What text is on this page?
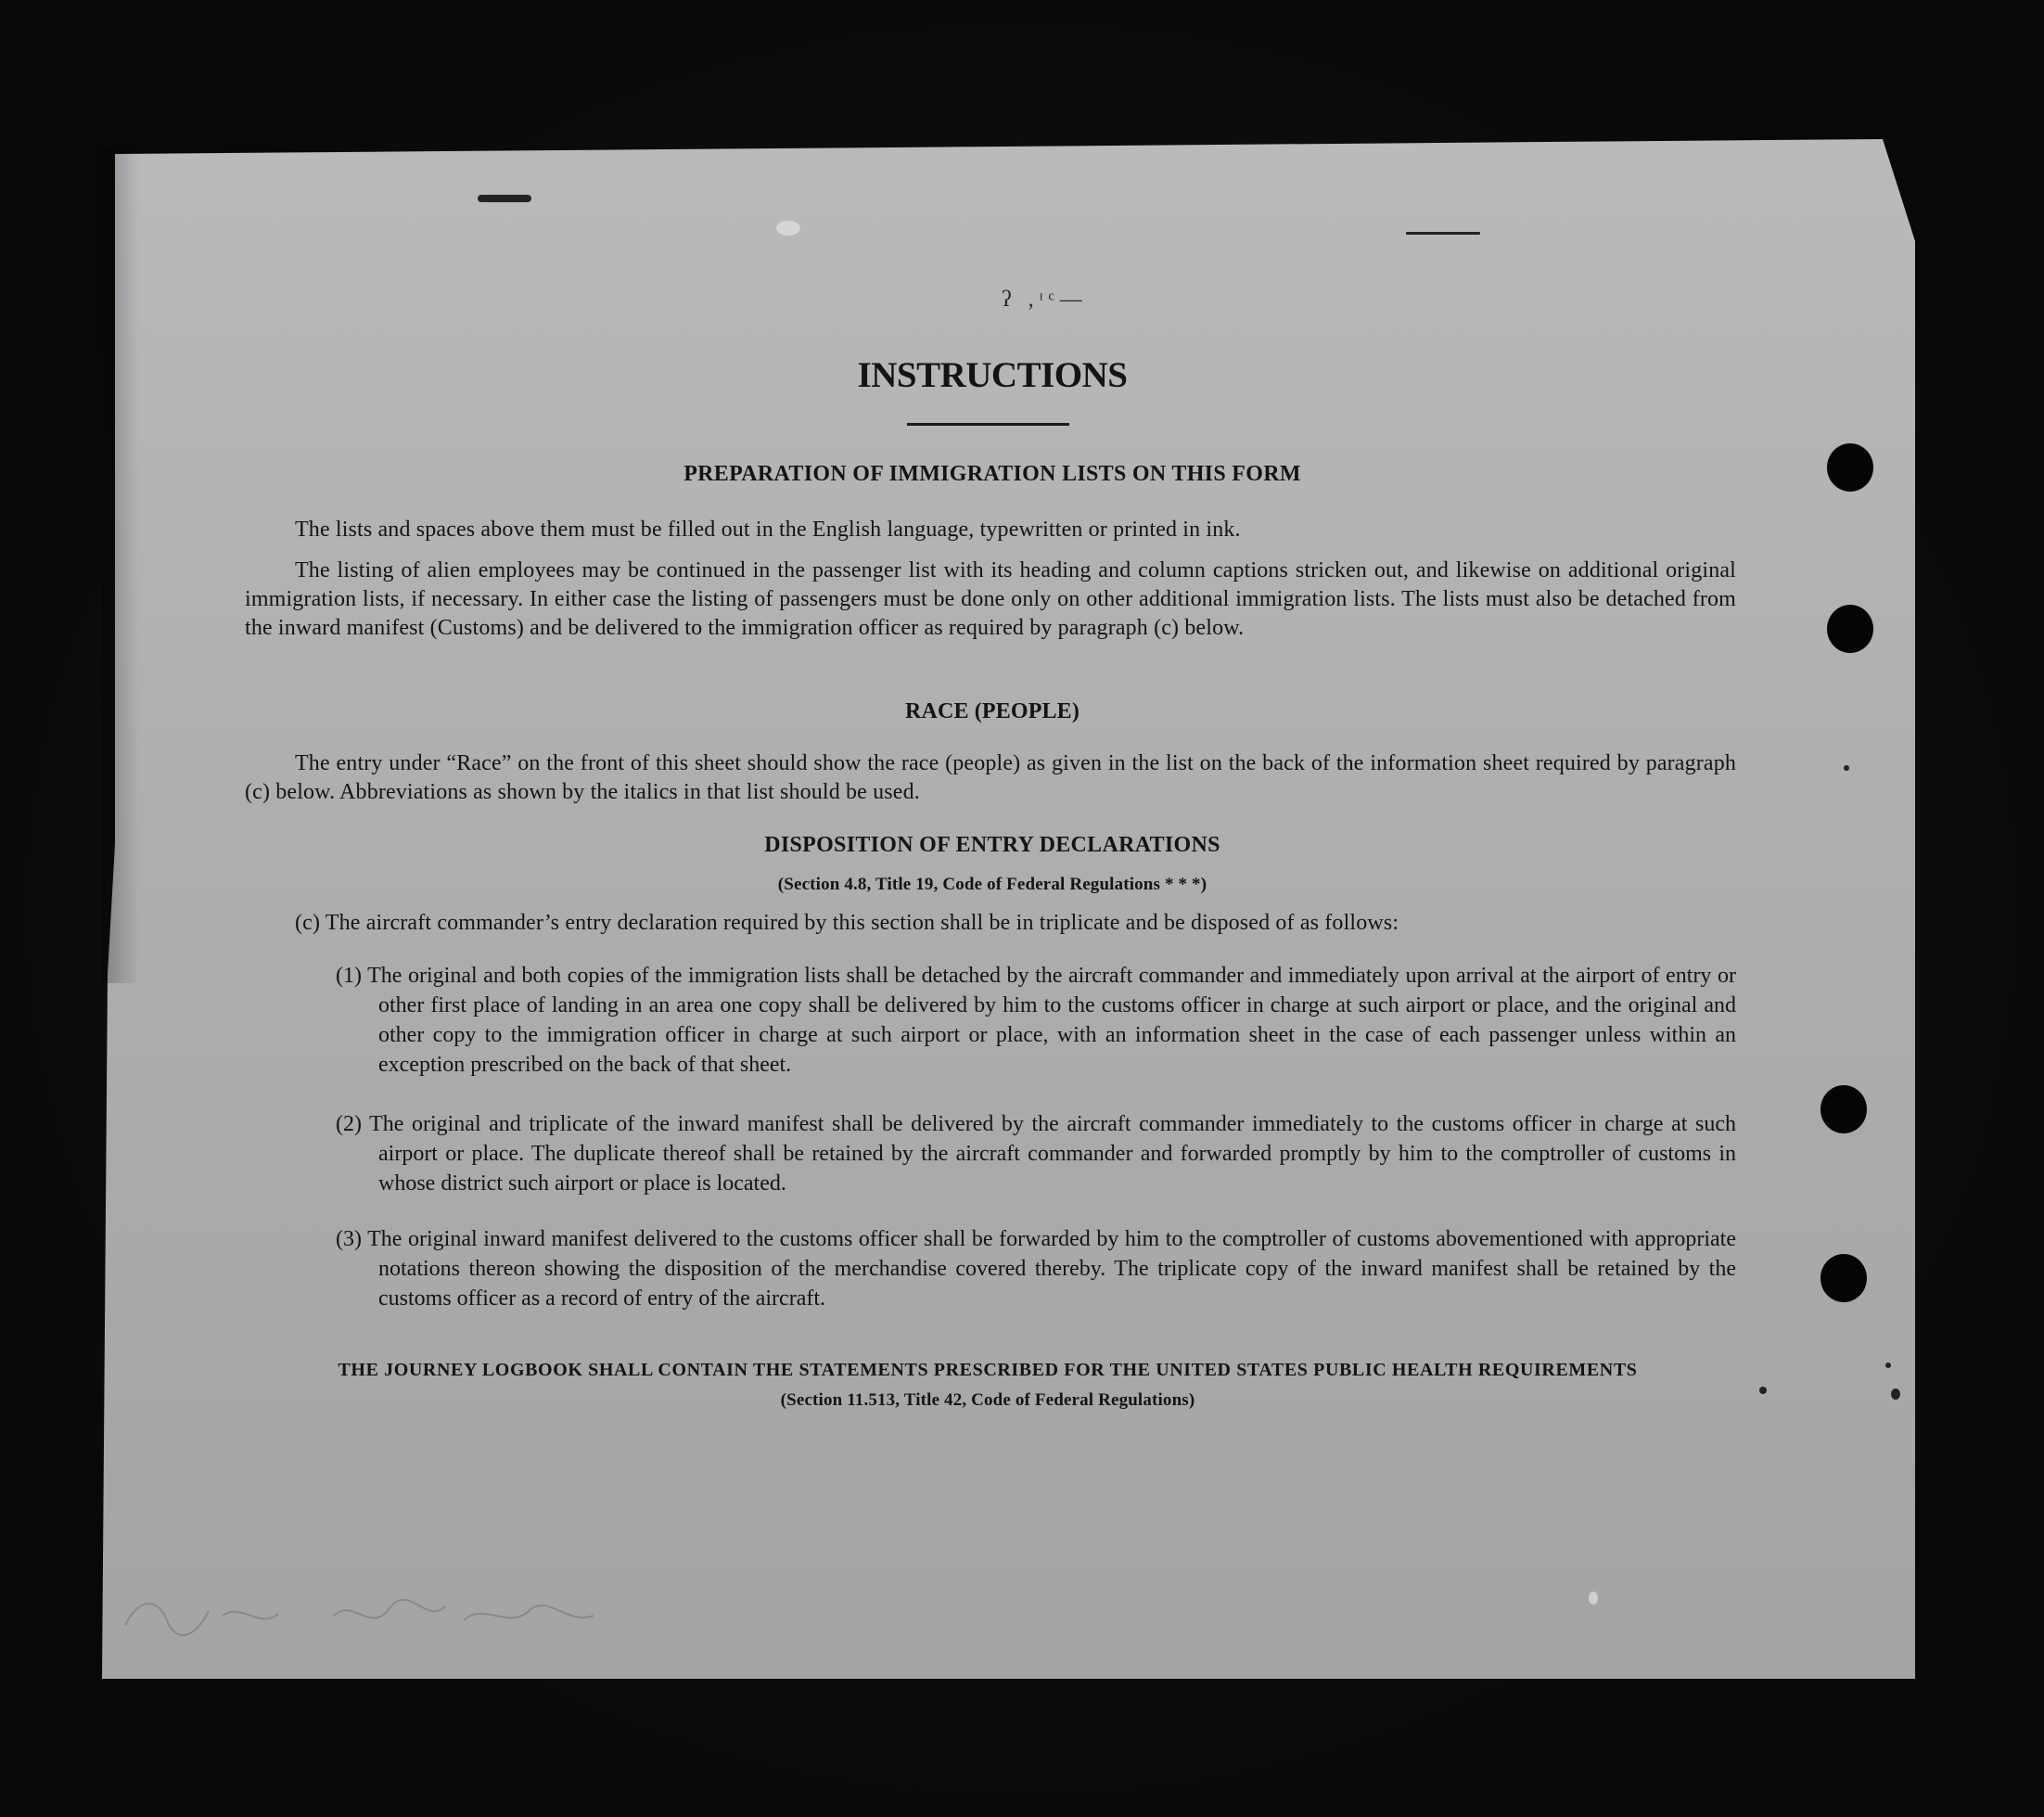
ʔ ,ᶦᶜ—
INSTRUCTIONS
PREPARATION OF IMMIGRATION LISTS ON THIS FORM
The lists and spaces above them must be filled out in the English language, typewritten or printed in ink.
The listing of alien employees may be continued in the passenger list with its heading and column captions stricken out, and likewise on additional original immigration lists, if necessary. In either case the listing of passengers must be done only on other additional immigration lists. The lists must also be detached from the inward manifest (Customs) and be delivered to the immigration officer as required by paragraph (c) below.
RACE (PEOPLE)
The entry under “Race” on the front of this sheet should show the race (people) as given in the list on the back of the information sheet required by paragraph (c) below. Abbreviations as shown by the italics in that list should be used.
DISPOSITION OF ENTRY DECLARATIONS
(Section 4.8, Title 19, Code of Federal Regulations * * *)
(c) The aircraft commander’s entry declaration required by this section shall be in triplicate and be disposed of as follows:
(1) The original and both copies of the immigration lists shall be detached by the aircraft commander and immediately upon arrival at the airport of entry or other first place of landing in an area one copy shall be delivered by him to the customs officer in charge at such airport or place, and the original and other copy to the immigration officer in charge at such airport or place, with an information sheet in the case of each passenger unless within an exception prescribed on the back of that sheet.
(2) The original and triplicate of the inward manifest shall be delivered by the aircraft commander immediately to the customs officer in charge at such airport or place. The duplicate thereof shall be retained by the aircraft commander and forwarded promptly by him to the comptroller of customs in whose district such airport or place is located.
(3) The original inward manifest delivered to the customs officer shall be forwarded by him to the comptroller of customs abovementioned with appropriate notations thereon showing the disposition of the merchandise covered thereby. The triplicate copy of the inward manifest shall be retained by the customs officer as a record of entry of the aircraft.
THE JOURNEY LOGBOOK SHALL CONTAIN THE STATEMENTS PRESCRIBED FOR THE UNITED STATES PUBLIC HEALTH REQUIREMENTS
(Section 11.513, Title 42, Code of Federal Regulations)
